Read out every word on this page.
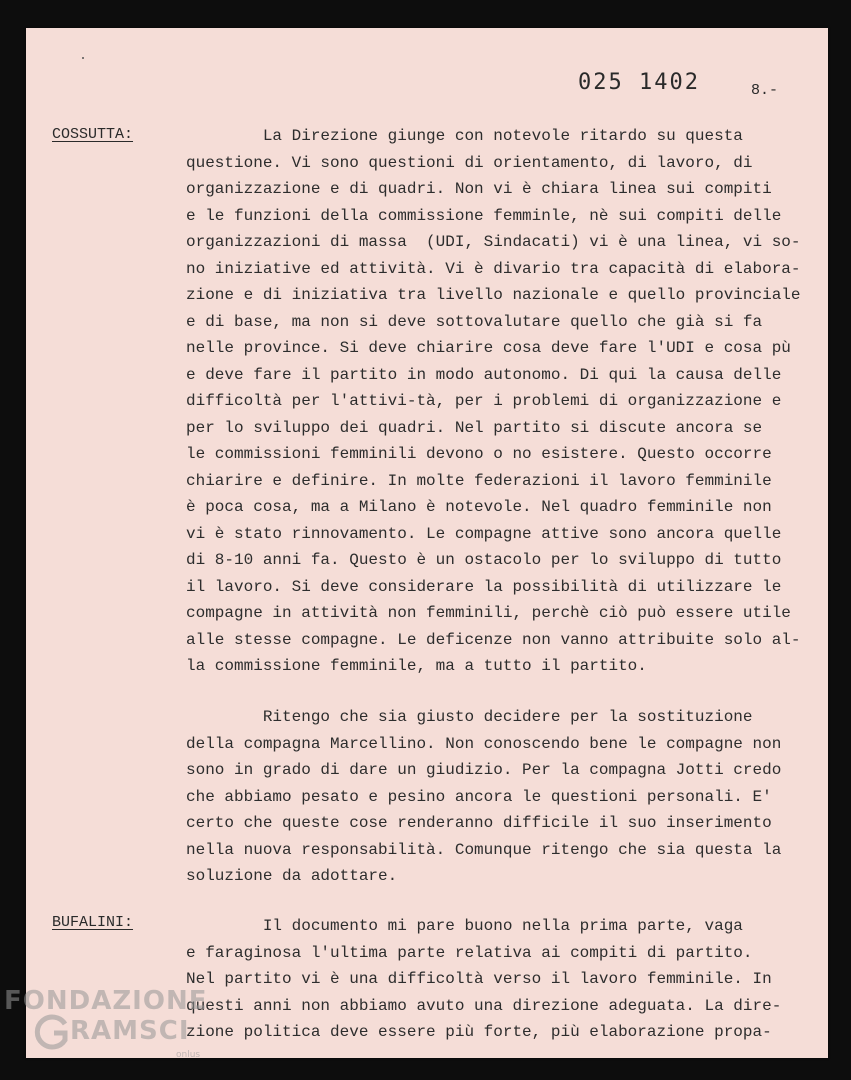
025 1402	8.-
COSSUTTA:	La Direzione giunge con notevole ritardo su questa
questione. Vi sono questioni di orientamento, di lavoro, di
organizzazione e di quadri. Non vi è chiara linea sui compiti
e le funzioni della commissione femminle, nè sui compiti delle
organizzazioni di massa  (UDI, Sindacati) vi è una linea, vi so-
no iniziative ed attività. Vi è divario tra capacità di elabora-
zione e di iniziativa tra livello nazionale e quello provinciale
e di base, ma non si deve sottovalutare quello che già si fa
nelle province. Si deve chiarire cosa deve fare l'UDI e cosa pù
e deve fare il partito in modo autonomo. Di qui la causa delle
difficoltà per l'attivi-tà, per i problemi di organizzazione e
per lo sviluppo dei quadri. Nel partito si discute ancora se
le commissioni femminili devono o no esistere. Questo occorre
chiarire e definire. In molte federazioni il lavoro femminile
è poca cosa, ma a Milano è notevole. Nel quadro femminile non
vi è stato rinnovamento. Le compagne attive sono ancora quelle
di 8-10 anni fa. Questo è un ostacolo per lo sviluppo di tutto
il lavoro. Si deve considerare la possibilità di utilizzare le
compagne in attività non femminili, perchè ciò può essere utile
alle stesse compagne. Le deficenze non vanno attribuite solo al-
la commissione femminile, ma a tutto il partito.
Ritengo che sia giusto decidere per la sostituzione
della compagna Marcellino. Non conoscendo bene le compagne non
sono in grado di dare un giudizio. Per la compagna Jotti credo
che abbiamo pesato e pesino ancora le questioni personali. E'
certo che queste cose renderanno difficile il suo inserimento
nella nuova responsabilità. Comunque ritengo che sia questa la
soluzione da adottare.
BUFALINI:	Il documento mi pare buono nella prima parte, vaga
e faraginosa l'ultima parte relativa ai compiti di partito.
Nel partito vi è una difficoltà verso il lavoro femminile. In
questi anni non abbiamo avuto una direzione adeguata. La dire-
zione politica deve essere più forte, più elaborazione propa-
FONDAZIONE
RAMSCI
onlus
